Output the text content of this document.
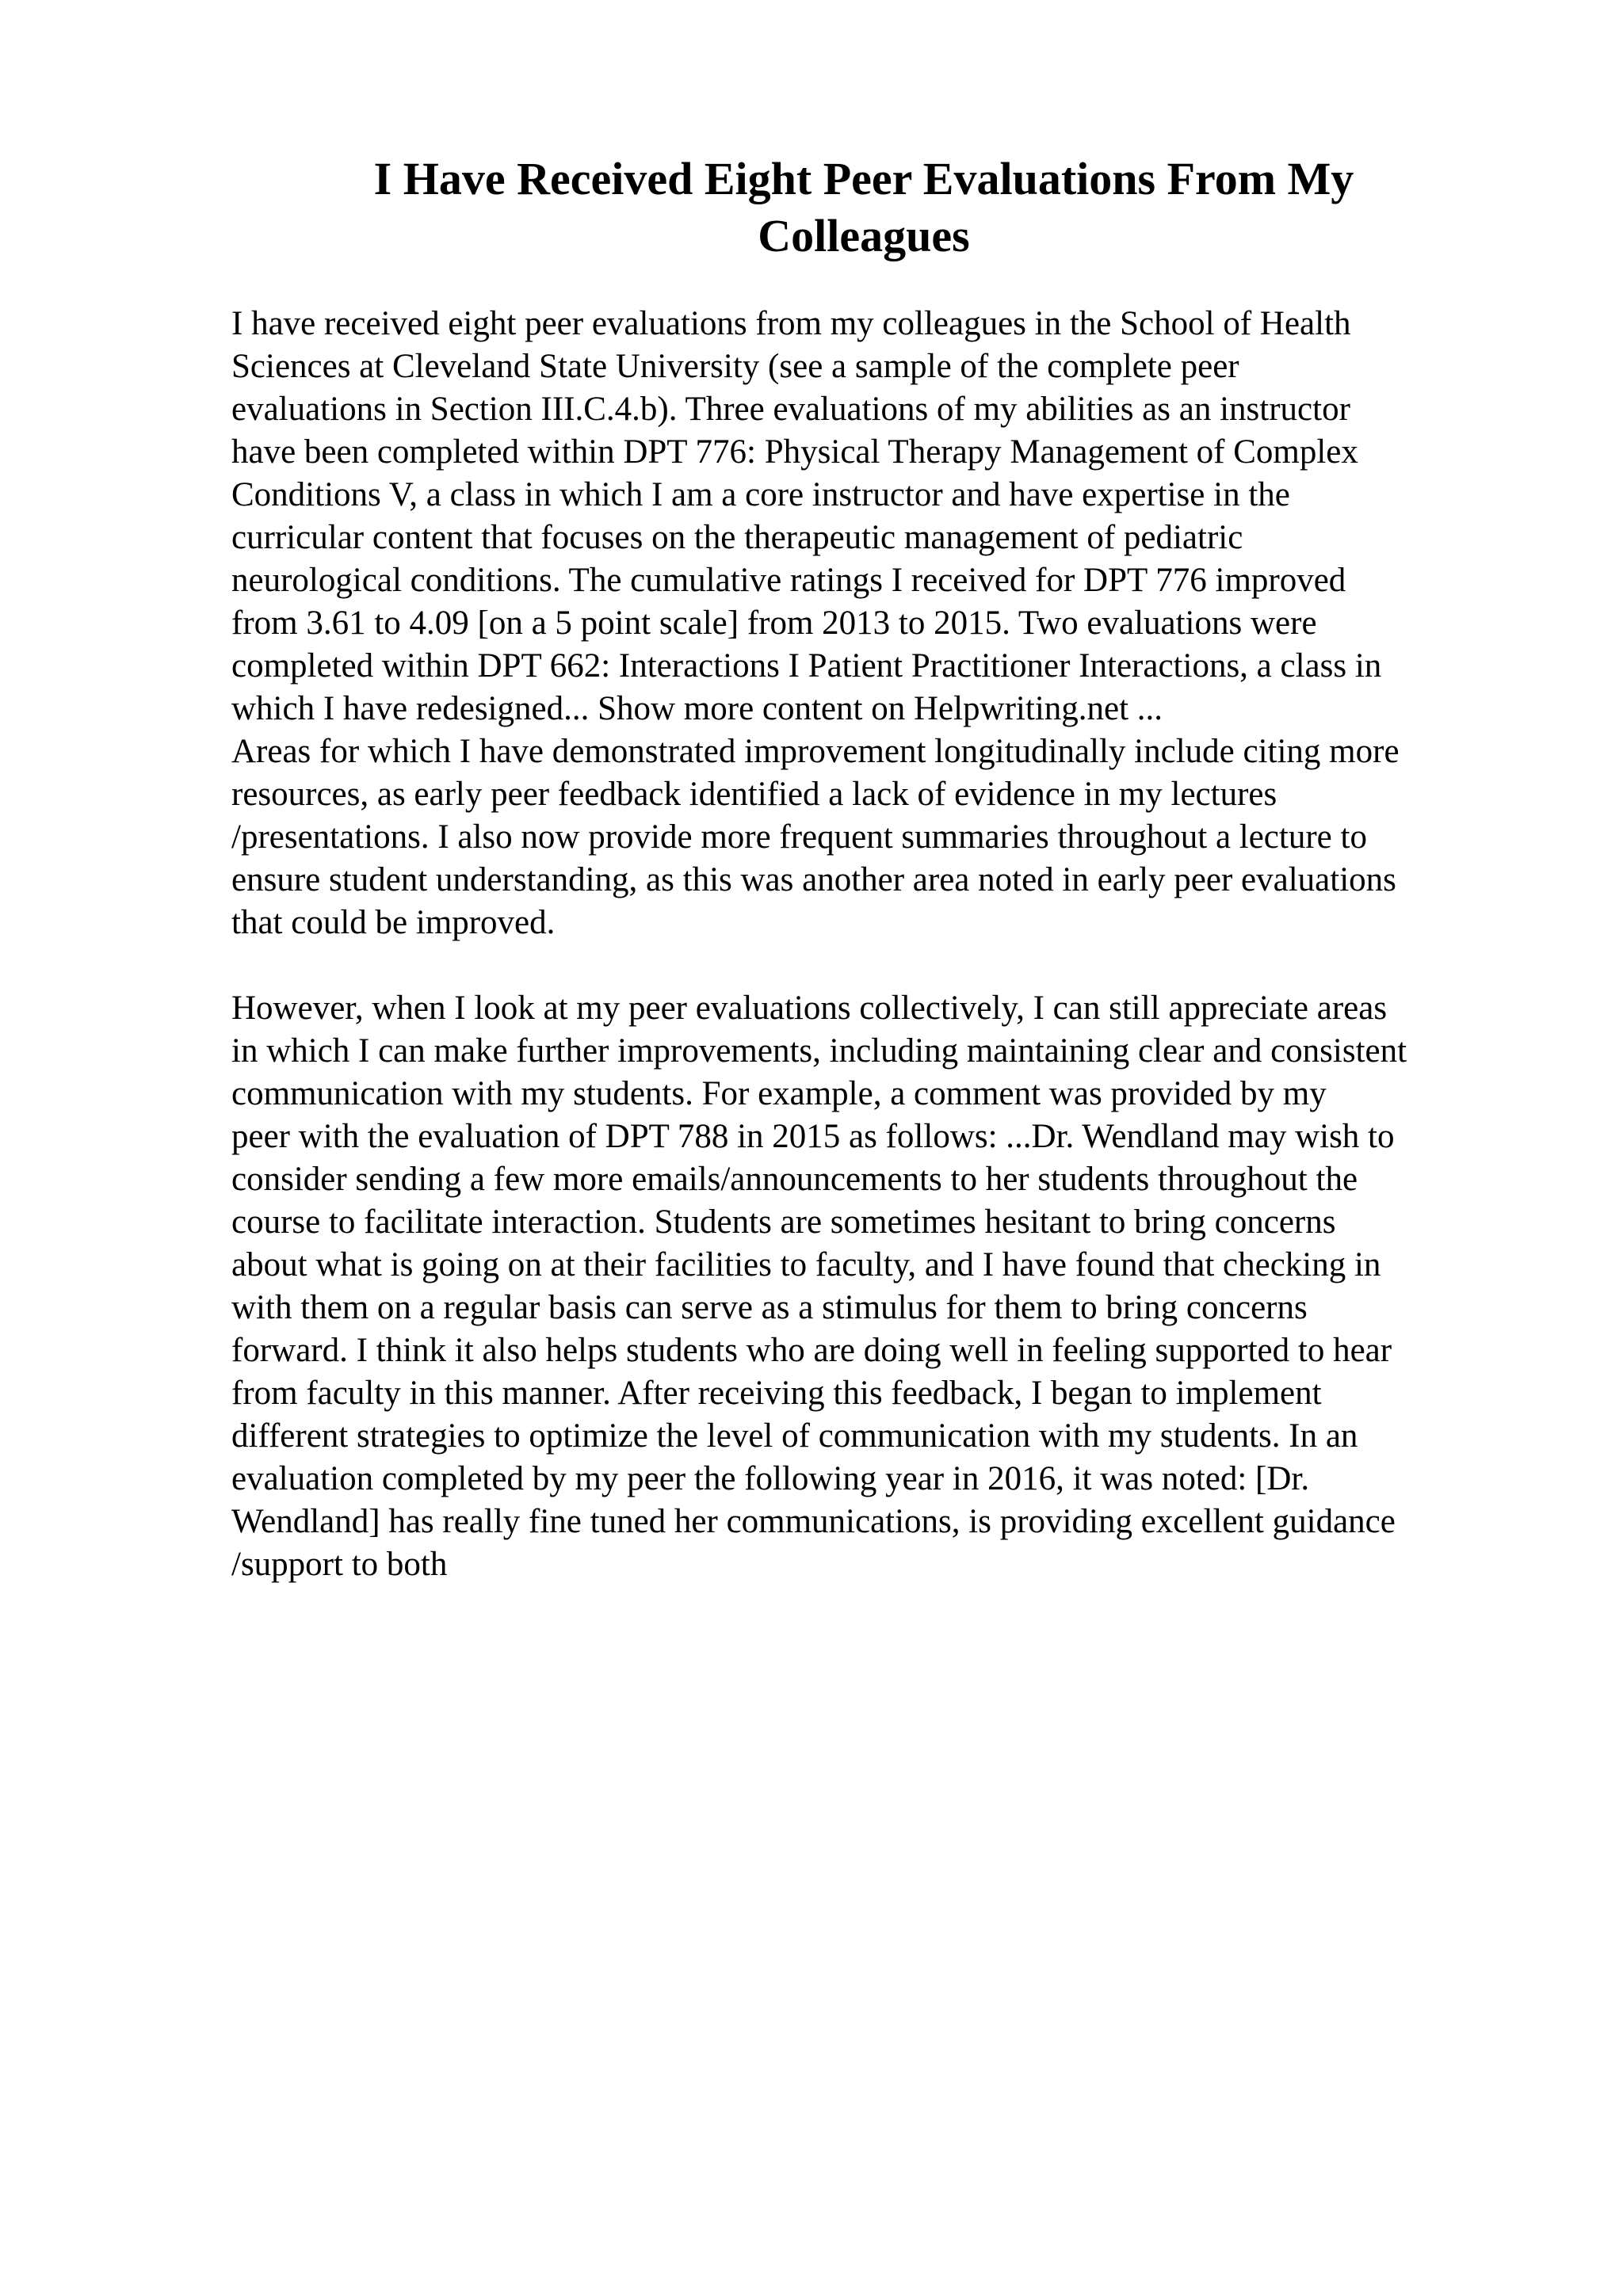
I Have Received Eight Peer Evaluations From My
Colleagues

I have received eight peer evaluations from my colleagues in the School of Health
Sciences at Cleveland State University (see a sample of the complete peer
evaluations in Section III.C.4.b). Three evaluations of my abilities as an instructor
have been completed within DPT 776: Physical Therapy Management of Complex
Conditions V, a class in which I am a core instructor and have expertise in the
curricular content that focuses on the therapeutic management of pediatric
neurological conditions. The cumulative ratings I received for DPT 776 improved
from 3.61 to 4.09 [on a 5 point scale] from 2013 to 2015. Two evaluations were
completed within DPT 662: Interactions I Patient Practitioner Interactions, a class in
which I have redesigned... Show more content on Helpwriting.net ...

Areas for which I have demonstrated improvement longitudinally include citing more
resources, as early peer feedback identified a lack of evidence in my lectures
/presentations. I also now provide more frequent summaries throughout a lecture to
ensure student understanding, as this was another area noted in early peer evaluations
that could be improved.

However, when I look at my peer evaluations collectively, I can still appreciate areas
in which I can make further improvements, including maintaining clear and consistent
communication with my students. For example, a comment was provided by my
peer with the evaluation of DPT 788 in 2015 as follows: ...Dr. Wendland may wish to
consider sending a few more emails/announcements to her students throughout the
course to facilitate interaction. Students are sometimes hesitant to bring concerns
about what is going on at their facilities to faculty, and I have found that checking in
with them on a regular basis can serve as a stimulus for them to bring concerns
forward. I think it also helps students who are doing well in feeling supported to hear
from faculty in this manner. After receiving this feedback, I began to implement
different strategies to optimize the level of communication with my students. In an
evaluation completed by my peer the following year in 2016, it was noted: [Dr.
Wendland] has really fine tuned her communications, is providing excellent guidance
/support to both
